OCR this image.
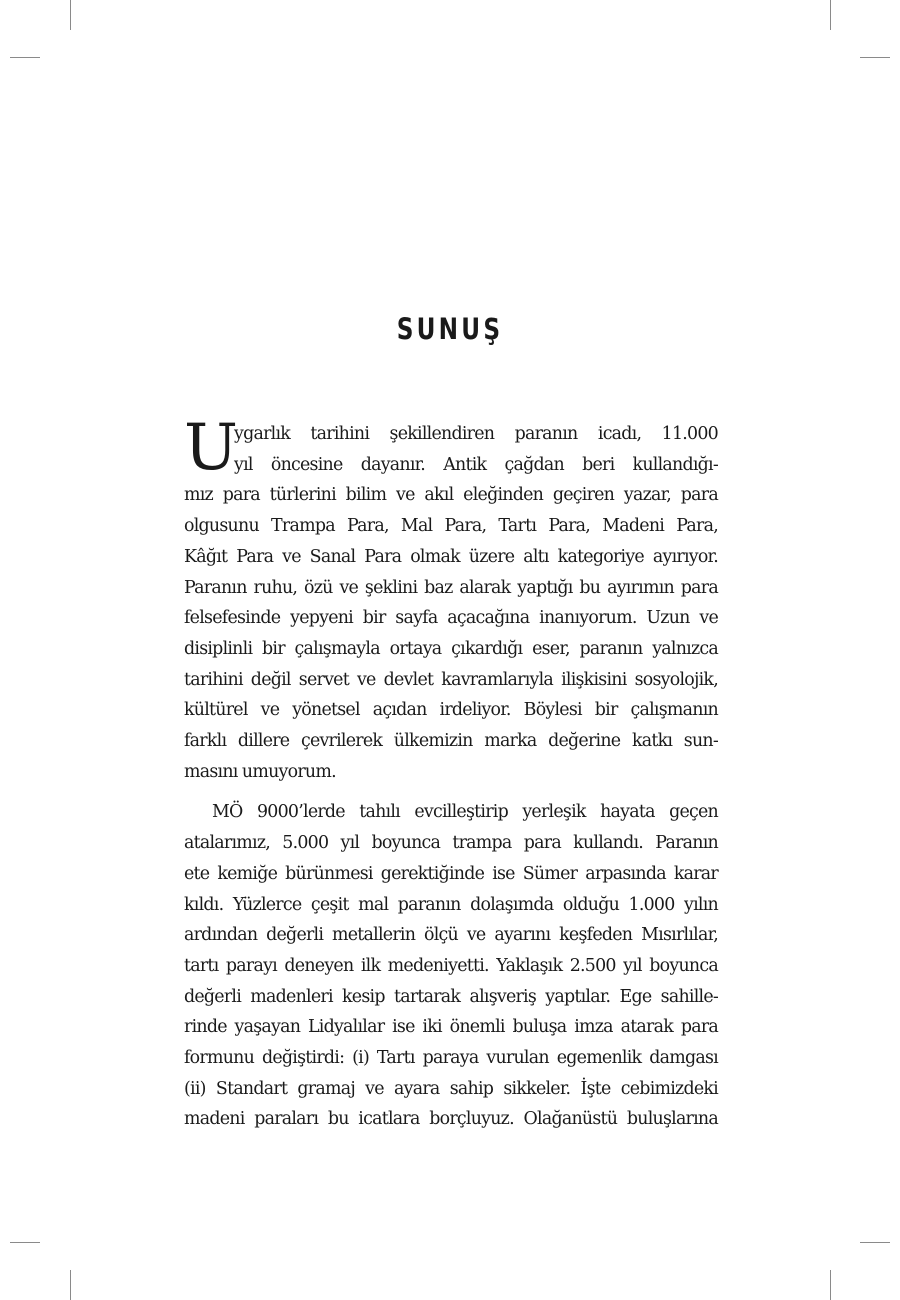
SUNUŞ

U
ygarlık tarihini şekillendiren paranın icadı, 11.000
yıl öncesine dayanır. Antik çağdan beri kullandığı-
mız para türlerini bilim ve akıl eleğinden geçiren yazar, para
olgusunu Trampa Para, Mal Para, Tartı Para, Madeni Para,
Kâğıt Para ve Sanal Para olmak üzere altı kategoriye ayırıyor.
Paranın ruhu, özü ve şeklini baz alarak yaptığı bu ayırımın para
felsefesinde yepyeni bir sayfa açacağına inanıyorum. Uzun ve
disiplinli bir çalışmayla ortaya çıkardığı eser, paranın yalnızca
tarihini değil servet ve devlet kavramlarıyla ilişkisini sosyolojik,
kültürel ve yönetsel açıdan irdeliyor. Böylesi bir çalışmanın
farklı dillere çevrilerek ülkemizin marka değerine katkı sun-
masını umuyorum.

MÖ 9000’lerde tahılı evcilleştirip yerleşik hayata geçen
atalarımız, 5.000 yıl boyunca trampa para kullandı. Paranın
ete kemiğe bürünmesi gerektiğinde ise Sümer arpasında karar
kıldı. Yüzlerce çeşit mal paranın dolaşımda olduğu 1.000 yılın
ardından değerli metallerin ölçü ve ayarını keşfeden Mısırlılar,
tartı parayı deneyen ilk medeniyetti. Yaklaşık 2.500 yıl boyunca
değerli madenleri kesip tartarak alışveriş yaptılar. Ege sahille-
rinde yaşayan Lidyalılar ise iki önemli buluşa imza atarak para
formunu değiştirdi: (i) Tartı paraya vurulan egemenlik damgası
(ii) Standart gramaj ve ayara sahip sikkeler. İşte cebimizdeki
madeni paraları bu icatlara borçluyuz. Olağanüstü buluşlarına
